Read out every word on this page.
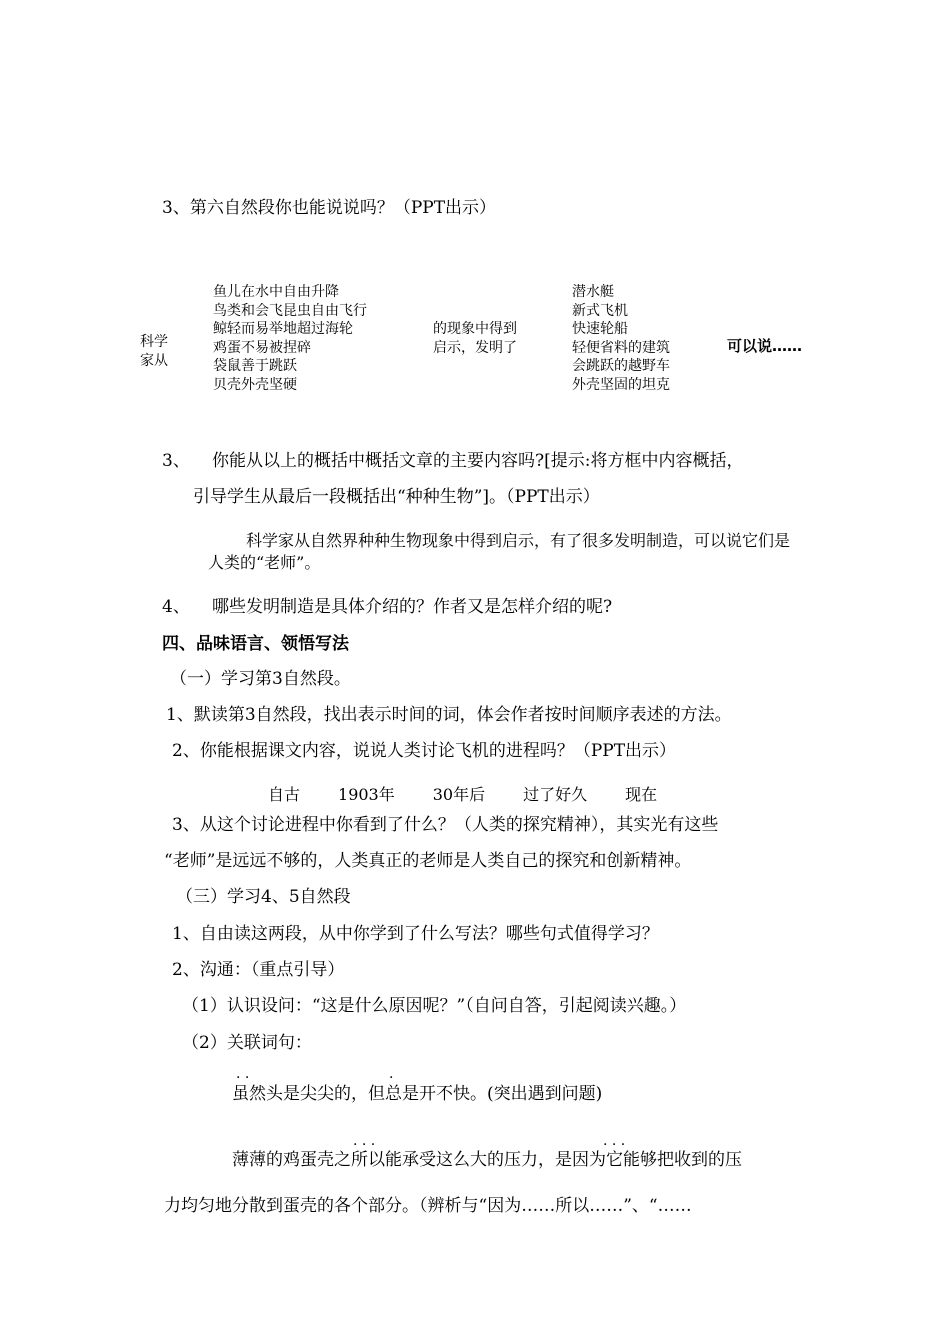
3、第六自然段你也能说说吗？（PPT出示）
科学
家从
鱼儿在水中自由升降
鸟类和会飞昆虫自由飞行
鲸轻而易举地超过海轮
鸡蛋不易被捏碎
袋鼠善于跳跃
贝壳外壳坚硬
的现象中得到
启示，发明了
潜水艇
新式飞机
快速轮船
轻便省料的建筑
会跳跃的越野车
外壳坚固的坦克
可以说……
3、 你能从以上的概括中概括文章的主要内容吗?[提示:将方框中内容概括，
引导学生从最后一段概括出“种种生物”]。（PPT出示）
科学家从自然界种种生物现象中得到启示，有了很多发明制造，可以说它们是
人类的“老师”。
4、 哪些发明制造是具体介绍的？作者又是怎样介绍的呢?
四、品味语言、领悟写法
（一）学习第3自然段。
1、默读第3自然段，找出表示时间的词，体会作者按时间顺序表述的方法。
2、你能根据课文内容，说说人类讨论飞机的进程吗？（PPT出示）
自古 1903年 30年后 过了好久 现在
3、从这个讨论进程中你看到了什么？（人类的探究精神），其实光有这些
“老师”是远远不够的，人类真正的老师是人类自己的探究和创新精神。
（三）学习4、5自然段
1、自由读这两段，从中你学到了什么写法？哪些句式值得学习？
2、沟通：（重点引导）
（1）认识设问：“这是什么原因呢？”（自问自答，引起阅读兴趣。）
（2）关联词句：
. .	.
虽然头是尖尖的，但总是开不快。(突出遇到问题)
. . .	. . .
薄薄的鸡蛋壳之所以能承受这么大的压力，是因为它能够把收到的压
力均匀地分散到蛋壳的各个部分。（辨析与“因为……所以……”、“……
